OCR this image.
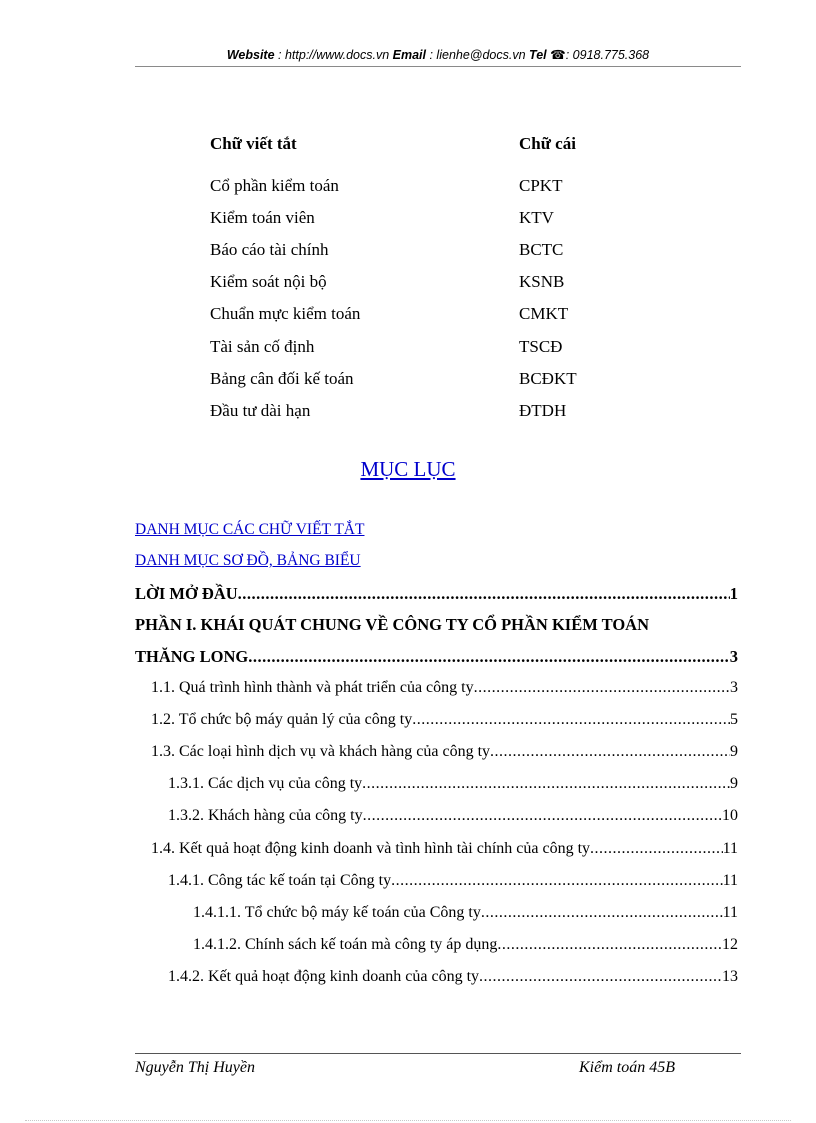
Website : http://www.docs.vn Email : lienhe@docs.vn Tel ☎: 0918.775.368
Chữ viết tắt	Chữ cái
Cổ phần kiểm toán	CPKT
Kiểm toán viên	KTV
Báo cáo tài chính	BCTC
Kiểm soát nội bộ	KSNB
Chuẩn mực kiểm toán	CMKT
Tài sản cố định	TSCĐ
Bảng cân đối kế toán	BCĐKT
Đầu tư dài hạn	ĐTDH
MỤC LỤC
DANH MỤC CÁC CHỮ VIẾT TẮT
DANH MỤC SƠ ĐỒ, BẢNG BIỂU
LỜI MỞ ĐẦU .....	1
PHẦN I. KHÁI QUÁT CHUNG VỀ CÔNG TY CỔ PHẦN KIỂM TOÁN
THĂNG LONG .....	3
1.1. Quá trình hình thành và phát triển của công ty .....	3
1.2. Tổ chức bộ máy quản lý của công ty .....	5
1.3. Các loại hình dịch vụ và khách hàng của công ty .....	9
1.3.1. Các dịch vụ của công ty .....	9
1.3.2. Khách hàng của công ty .....	10
1.4. Kết quả hoạt động kinh doanh và tình hình tài chính của công ty .....	11
1.4.1. Công tác kế toán tại Công ty .....	11
1.4.1.1. Tổ chức bộ máy kế toán của Công ty .....	11
1.4.1.2. Chính sách kế toán mà công ty áp dụng .....	12
1.4.2. Kết quả hoạt động kinh doanh của công ty .....	13
Nguyễn Thị Huyền	Kiểm toán 45B
